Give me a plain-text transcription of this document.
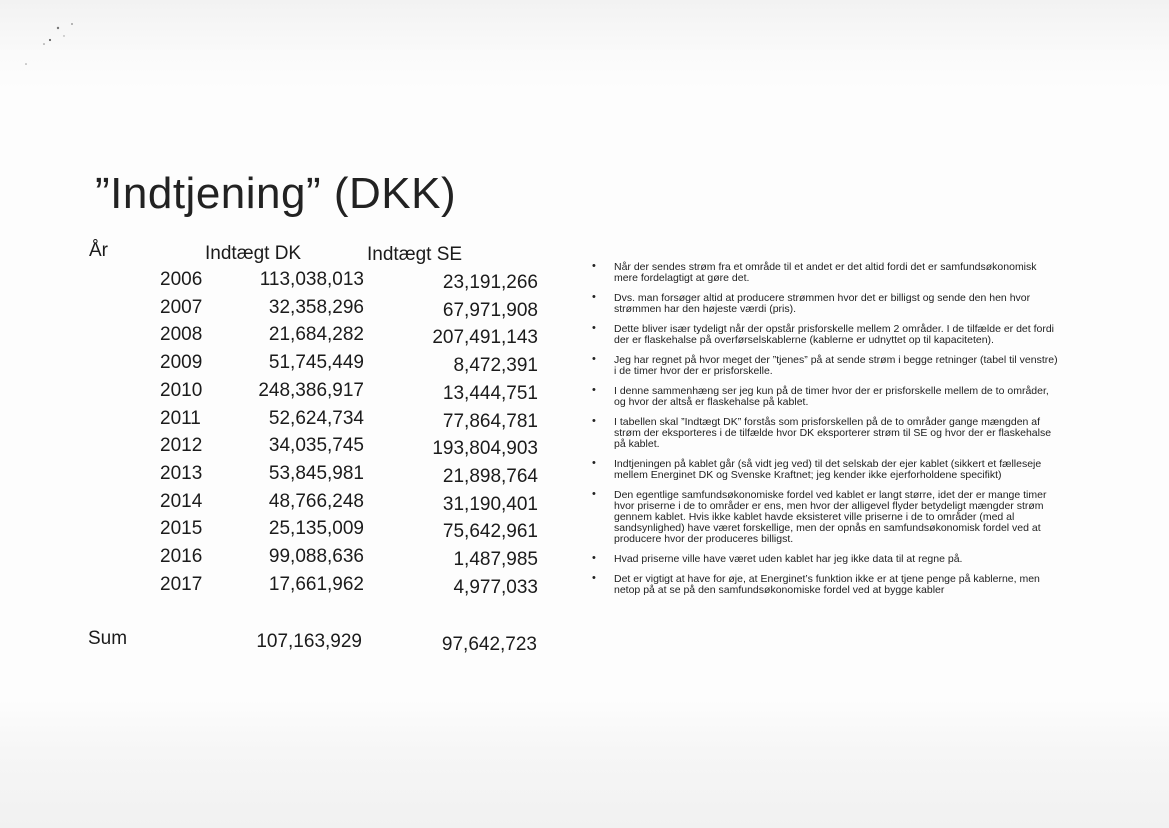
”Indtjening” (DKK)
År	Indtægt DK	Indtægt SE
2006	113,038,013	23,191,266
2007	32,358,296	67,971,908
2008	21,684,282	207,491,143
2009	51,745,449	8,472,391
2010	248,386,917	13,444,751
2011	52,624,734	77,864,781
2012	34,035,745	193,804,903
2013	53,845,981	21,898,764
2014	48,766,248	31,190,401
2015	25,135,009	75,642,961
2016	99,088,636	1,487,985
2017	17,661,962	4,977,033
Sum	107,163,929	97,642,723
• Når der sendes strøm fra et område til et andet er det altid fordi det er samfundsøkonomisk mere fordelagtigt at gøre det.
• Dvs. man forsøger altid at producere strømmen hvor det er billigst og sende den hen hvor strømmen har den højeste værdi (pris).
• Dette bliver især tydeligt når der opstår prisforskelle mellem 2 områder. I de tilfælde er det fordi der er flaskehalse på overførselskablerne (kablerne er udnyttet op til kapaciteten).
• Jeg har regnet på hvor meget der ”tjenes” på at sende strøm i begge retninger (tabel til venstre) i de timer hvor der er prisforskelle.
• I denne sammenhæng ser jeg kun på de timer hvor der er prisforskelle mellem de to områder, og hvor der altså er flaskehalse på kablet.
• I tabellen skal ”Indtægt DK” forstås som prisforskellen på de to områder gange mængden af strøm der eksporteres i de tilfælde hvor DK eksporterer strøm til SE og hvor der er flaskehalse på kablet.
• Indtjeningen på kablet går (så vidt jeg ved) til det selskab der ejer kablet (sikkert et fælleseje mellem Energinet DK og Svenske Kraftnet; jeg kender ikke ejerforholdene specifikt)
• Den egentlige samfundsøkonomiske fordel ved kablet er langt større, idet der er mange timer hvor priserne i de to områder er ens, men hvor der alligevel flyder betydeligt mængder strøm gennem kablet. Hvis ikke kablet havde eksisteret ville priserne i de to områder (med al sandsynlighed) have været forskellige, men der opnås en samfundsøkonomisk fordel ved at producere hvor der produceres billigst.
• Hvad priserne ville have været uden kablet har jeg ikke data til at regne på.
• Det er vigtigt at have for øje, at Energinet’s funktion ikke er at tjene penge på kablerne, men netop på at se på den samfundsøkonomiske fordel ved at bygge kabler
